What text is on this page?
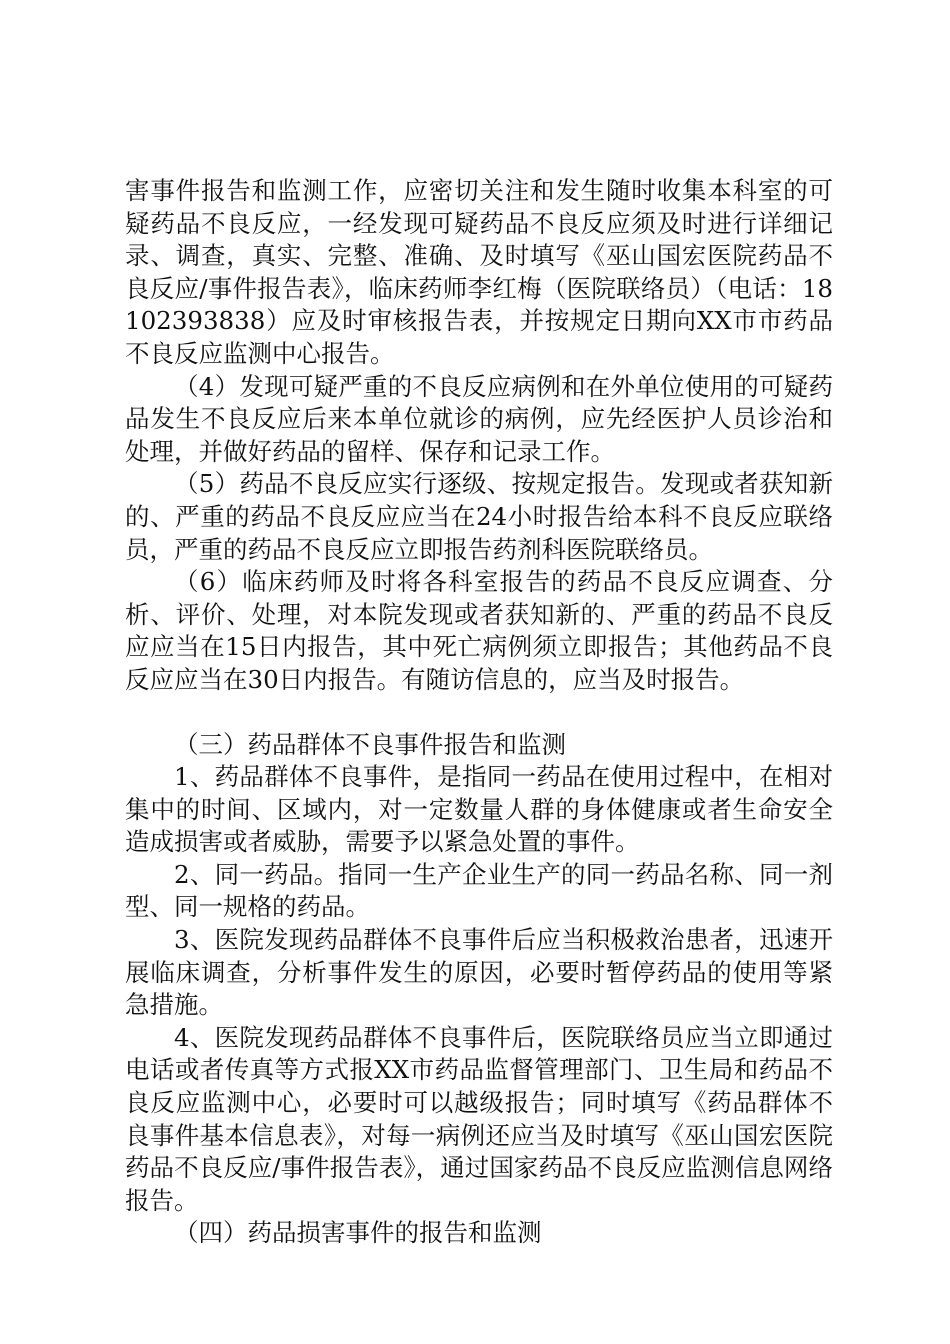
害事件报告和监测工作，应密切关注和发生随时收集本科室的可疑药品不良反应，一经发现可疑药品不良反应须及时进行详细记录、调查，真实、完整、准确、及时填写《巫山国宏医院药品不良反应/事件报告表》，临床药师李红梅（医院联络员）（电话：18102393838）应及时审核报告表，并按规定日期向XX市市药品不良反应监测中心报告。

（4）发现可疑严重的不良反应病例和在外单位使用的可疑药品发生不良反应后来本单位就诊的病例，应先经医护人员诊治和处理，并做好药品的留样、保存和记录工作。

（5）药品不良反应实行逐级、按规定报告。发现或者获知新的、严重的药品不良反应应当在24小时报告给本科不良反应联络员，严重的药品不良反应立即报告药剂科医院联络员。

（6）临床药师及时将各科室报告的药品不良反应调查、分析、评价、处理，对本院发现或者获知新的、严重的药品不良反应应当在15日内报告，其中死亡病例须立即报告；其他药品不良反应应当在30日内报告。有随访信息的，应当及时报告。

（三）药品群体不良事件报告和监测

1、药品群体不良事件，是指同一药品在使用过程中，在相对集中的时间、区域内，对一定数量人群的身体健康或者生命安全造成损害或者威胁，需要予以紧急处置的事件。

2、同一药品。指同一生产企业生产的同一药品名称、同一剂型、同一规格的药品。

3、医院发现药品群体不良事件后应当积极救治患者，迅速开展临床调查，分析事件发生的原因，必要时暂停药品的使用等紧急措施。

4、医院发现药品群体不良事件后，医院联络员应当立即通过电话或者传真等方式报XX市药品监督管理部门、卫生局和药品不良反应监测中心，必要时可以越级报告；同时填写《药品群体不良事件基本信息表》，对每一病例还应当及时填写《巫山国宏医院药品不良反应/事件报告表》，通过国家药品不良反应监测信息网络报告。

（四）药品损害事件的报告和监测
